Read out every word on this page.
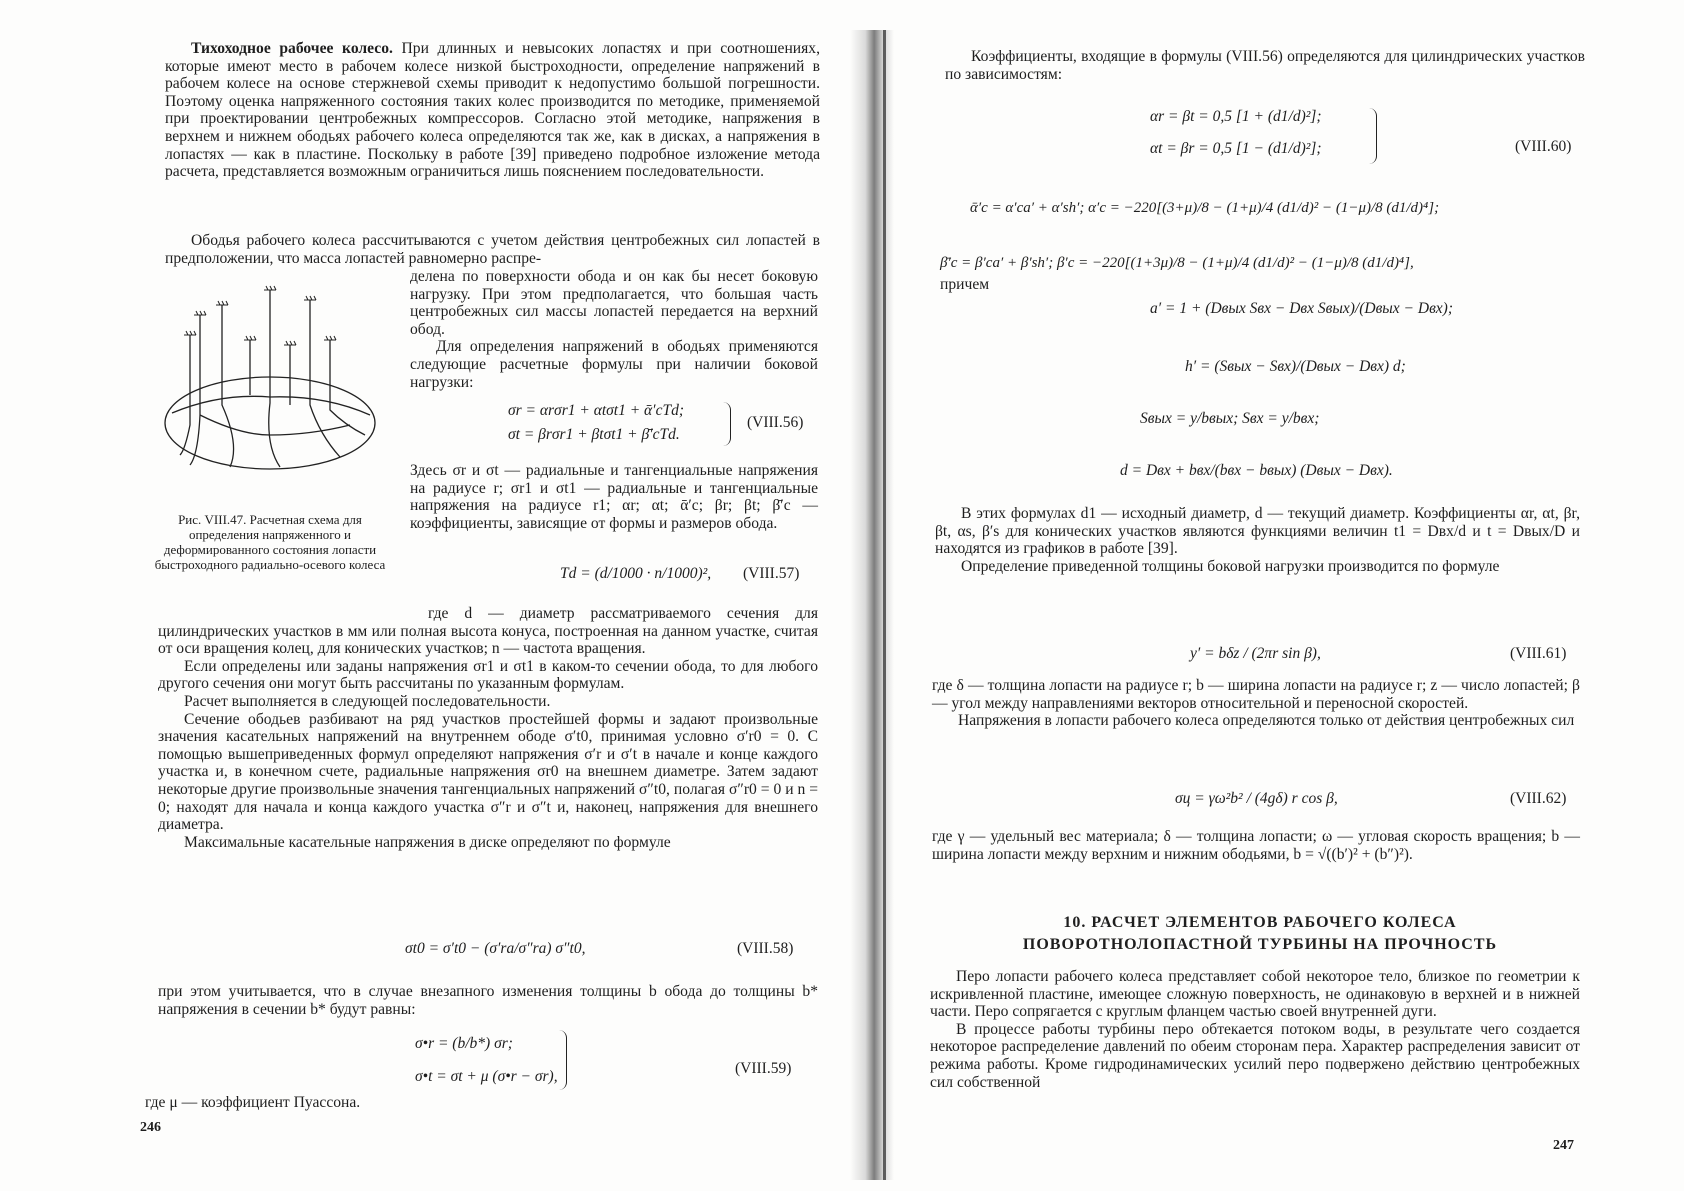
Тихоходное рабочее колесо. При длинных и невысоких лопастях и при соотношениях, которые имеют место в рабочем колесе низкой быстроходности, определение напряжений в рабочем колесе на основе стержневой схемы приводит к недопустимо большой погрешности. Поэтому оценка напряженного состояния таких колес производится по методике, применяемой при проектировании центробежных компрессоров. Согласно этой методике, напряжения в верхнем и нижнем ободьях рабочего колеса определяются так же, как в дисках, а напряжения в лопастях — как в пластине. Поскольку в работе [39] приведено подробное изложение метода расчета, представляется возможным ограничиться лишь пояснением последовательности.

Ободья рабочего колеса рассчитываются с учетом действия центробежных сил лопастей в предположении, что масса лопастей равномерно распре-

Рис. VIII.47. Расчетная схема для определения напряженного и деформированного состояния лопасти быстроходного радиально-осевого колеса

делена по поверхности обода и он как бы несет боковую нагрузку. При этом предполагается, что большая часть центробежных сил массы лопастей передается на верхний обод.

Для определения напряжений в ободьях применяются следующие расчетные формулы при наличии боковой нагрузки:

σr = αrσr1 + αtσt1 + ᾱ′cTd;
σt = βrσr1 + βtσt1 + β̄′cTd.
(VIII.56)

Здесь σr и σt — радиальные и тангенциальные напряжения на радиусе r; σr1 и σt1 — радиальные и тангенциальные напряжения на радиусе r1; αr; αt; ᾱ′c; βr; βt; β̄′c — коэффициенты, зависящие от формы и размеров обода.

Td = (d/1000 · n/1000)², (VIII.57)

где d — диаметр рассматриваемого сечения для цилиндрических участков в мм или полная высота конуса, построенная на данном участке, считая от оси вращения колец, для конических участков; n — частота вращения.

Если определены или заданы напряжения σr1 и σt1 в каком-то сечении обода, то для любого другого сечения они могут быть рассчитаны по указанным формулам.

Расчет выполняется в следующей последовательности.

Сечение ободьев разбивают на ряд участков простейшей формы и задают произвольные значения касательных напряжений на внутреннем ободе σ′t0, принимая условно σ′r0 = 0. С помощью вышеприведенных формул определяют напряжения σ′r и σ′t в начале и конце каждого участка и, в конечном счете, радиальные напряжения σr0 на внешнем диаметре. Затем задают некоторые другие произвольные значения тангенциальных напряжений σ″t0, полагая σ″r0 = 0 и n = 0; находят для начала и конца каждого участка σ″r и σ″t и, наконец, напряжения для внешнего диаметра.

Максимальные касательные напряжения в диске определяют по формуле

σt0 = σ′t0 − (σ′ra/σ″ra) σ″t0,	(VIII.58)

при этом учитывается, что в случае внезапного изменения толщины b обода до толщины b* напряжения в сечении b* будут равны:

σ•r = (b/b*) σr;
σ•t = σt + μ (σ•r − σr),	(VIII.59)

где μ — коэффициент Пуассона.

246

Коэффициенты, входящие в формулы (VIII.56) определяются для цилиндрических участков по зависимостям:

αr = βt = 0,5 [1 + (d1/d)²];
αt = βr = 0,5 [1 − (d1/d)²];	(VIII.60)
ᾱ′c = α′ca′ + α′sh′; α′c = −220[(3+μ)/8 − (1+μ)/4 (d1/d)² − (1−μ)/8 (d1/d)⁴];
β̄′c = β′ca′ + β′sh′; β′c = −220[(1+3μ)/8 − (1+μ)/4 (d1/d)² − (1−μ)/8 (d1/d)⁴],

причем

a′ = 1 + (Dвых Sвх − Dвх Sвых)/(Dвых − Dвх);
h′ = (Sвых − Sвх)/(Dвых − Dвх) d;
Sвых = y/bвых; Sвх = y/bвх;
d = Dвх + bвх/(bвх − bвых) (Dвых − Dвх).

В этих формулах d1 — исходный диаметр, d — текущий диаметр. Коэффициенты αr, αt, βr, βt, αs, β′s для конических участков являются функциями величин t1 = Dвх/d и t = Dвых/D и находятся из графиков в работе [39].

Определение приведенной толщины боковой нагрузки производится по формуле

y′ = bδz / (2πr sin β),	(VIII.61)

где δ — толщина лопасти на радиусе r; b — ширина лопасти на радиусе r; z — число лопастей; β — угол между направлениями векторов относительной и переносной скоростей.

Напряжения в лопасти рабочего колеса определяются только от действия центробежных сил

σц = γω²b² / (4gδ) r cos β,	(VIII.62)

где γ — удельный вес материала; δ — толщина лопасти; ω — угловая скорость вращения; b — ширина лопасти между верхним и нижним ободьями, b = √((b′)² + (b″)²).

10. РАСЧЕТ ЭЛЕМЕНТОВ РАБОЧЕГО КОЛЕСА
ПОВОРОТНОЛОПАСТНОЙ ТУРБИНЫ НА ПРОЧНОСТЬ

Перо лопасти рабочего колеса представляет собой некоторое тело, близкое по геометрии к искривленной пластине, имеющее сложную поверхность, не одинаковую в верхней и в нижней части. Перо сопрягается с круглым фланцем частью своей внутренней дуги.

В процессе работы турбины перо обтекается потоком воды, в результате чего создается некоторое распределение давлений по обеим сторонам пера. Характер распределения зависит от режима работы. Кроме гидродинамических усилий перо подвержено действию центробежных сил собственной

247
